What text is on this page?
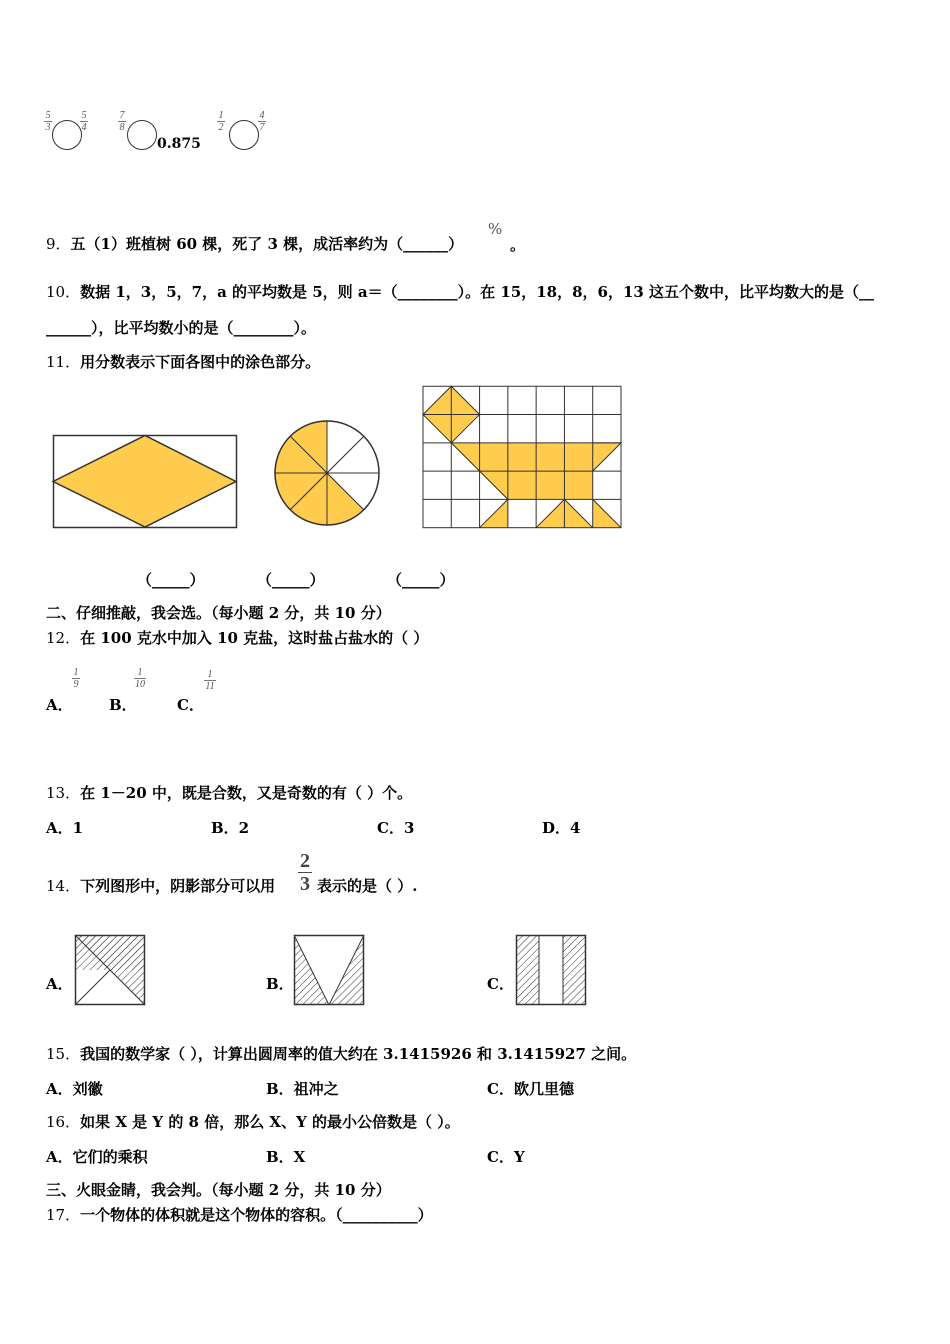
5
3
5
4
7
8
0.875
1
2
4
7
9．五（1）班植树 60 棵，死了 3 棵，成活率约为（______）
%
。
10．数据 1，3，5，7，a 的平均数是 5，则 a＝（________）。在 15，18，8，6，13 这五个数中，比平均数大的是（__
______），比平均数小的是（________）。
11．用分数表示下面各图中的涂色部分。
（_____）	（_____）	（_____）
二、仔细推敲，我会选。（每小题 2 分，共 10 分）
12．在 100 克水中加入 10 克盐，这时盐占盐水的（ ）
A．
1
9
B．
1
10
C．
1
11
13．在 1－20 中，既是合数，又是奇数的有（ ）个。
A．1	B．2	C．3	D．4
14．下列图形中，阴影部分可以用
2
3 表示的是（ ）.
A．	B．	C．
15．我国的数学家（ ），计算出圆周率的值大约在 3.1415926 和 3.1415927 之间。
A．刘徽	B．祖冲之	C．欧几里德
16．如果 X 是 Y 的 8 倍，那么 X、Y 的最小公倍数是（ ）。
A．它们的乘积	B．X	C．Y
三、火眼金睛，我会判。（每小题 2 分，共 10 分）
17．一个物体的体积就是这个物体的容积。（__________）
